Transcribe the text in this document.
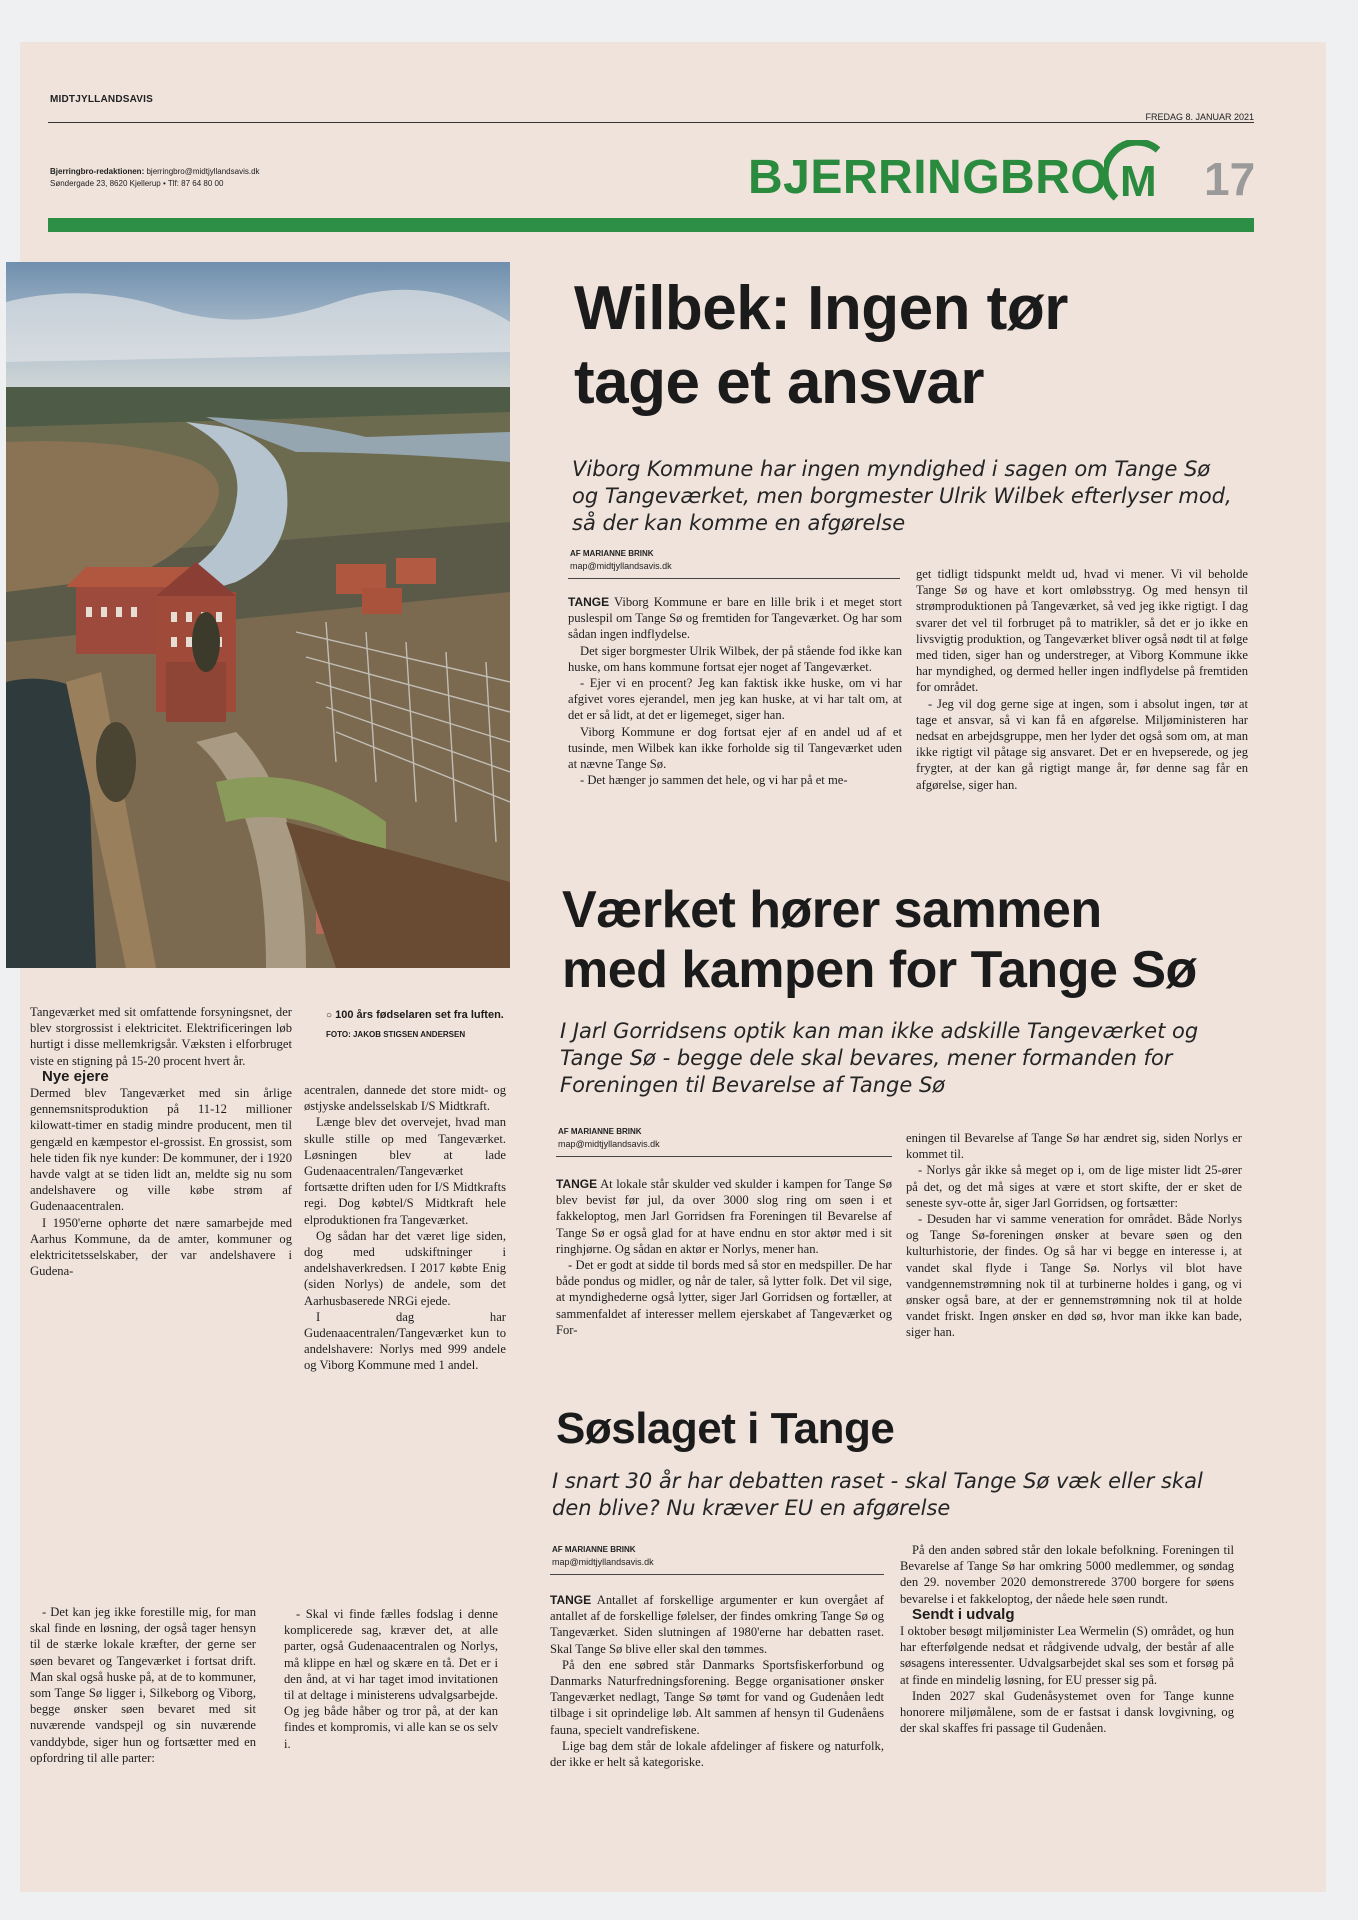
MIDTJYLLANDSAVIS
FREDAG 8. JANUAR 2021
Bjerringbro-redaktionen: bjerringbro@midtjyllandsavis.dk
Søndergade 23, 8620 Kjellerup • Tlf: 87 64 80 00	BJERRINGBRO M 17
Wilbek: Ingen tør
tage et ansvar
Viborg Kommune har ingen myndighed i sagen om Tange Sø og Tangeværket, men borgmester Ulrik Wilbek efterlyser mod, så der kan komme en afgørelse
AF MARIANNE BRINK
map@midtjyllandsavis.dk

TANGE Viborg Kommune er bare en lille brik i et meget stort puslespil om Tange Sø og fremtiden for Tangeværket. Og har som sådan ingen indflydelse.

Det siger borgmester Ulrik Wilbek, der på stående fod ikke kan huske, om hans kommune fortsat ejer noget af Tangeværket.

- Ejer vi en procent? Jeg kan faktisk ikke huske, om vi har afgivet vores ejerandel, men jeg kan huske, at vi har talt om, at det er så lidt, at det er ligemeget, siger han.

Viborg Kommune er dog fortsat ejer af en andel ud af et tusinde, men Wilbek kan ikke forholde sig til Tangeværket uden at nævne Tange Sø.

- Det hænger jo sammen det hele, og vi har på et me-

get tidligt tidspunkt meldt ud, hvad vi mener. Vi vil beholde Tange Sø og have et kort omløbsstryg. Og med hensyn til strømproduktionen på Tangeværket, så ved jeg ikke rigtigt. I dag svarer det vel til forbruget på to matrikler, så det er jo ikke en livsvigtig produktion, og Tangeværket bliver også nødt til at følge med tiden, siger han og understreger, at Viborg Kommune ikke har myndighed, og dermed heller ingen indflydelse på fremtiden for området.

- Jeg vil dog gerne sige at ingen, som i absolut ingen, tør at tage et ansvar, så vi kan få en afgørelse. Miljøministeren har nedsat en arbejdsgruppe, men her lyder det også som om, at man ikke rigtigt vil påtage sig ansvaret. Det er en hvepserede, og jeg frygter, at der kan gå rigtigt mange år, før denne sag får en afgørelse, siger han.

Værket hører sammen
med kampen for Tange Sø
I Jarl Gorridsens optik kan man ikke adskille Tangeværket og Tange Sø - begge dele skal bevares, mener formanden for Foreningen til Bevarelse af Tange Sø
AF MARIANNE BRINK
map@midtjyllandsavis.dk

TANGE At lokale står skulder ved skulder i kampen for Tange Sø blev bevist før jul, da over 3000 slog ring om søen i et fakkeloptog, men Jarl Gorridsen fra Foreningen til Bevarelse af Tange Sø er også glad for at have endnu en stor aktør med i sit ringhjørne. Og sådan en aktør er Norlys, mener han.

- Det er godt at sidde til bords med så stor en medspiller. De har både pondus og midler, og når de taler, så lytter folk. Det vil sige, at myndighederne også lytter, siger Jarl Gorridsen og fortæller, at sammenfaldet af interesser mellem ejerskabet af Tangeværket og For-

eningen til Bevarelse af Tange Sø har ændret sig, siden Norlys er kommet til.

- Norlys går ikke så meget op i, om de lige mister lidt 25-ører på det, og det må siges at være et stort skifte, der er sket de seneste syv-otte år, siger Jarl Gorridsen, og fortsætter:

- Desuden har vi samme veneration for området. Både Norlys og Tange Sø-foreningen ønsker at bevare søen og den kulturhistorie, der findes. Og så har vi begge en interesse i, at vandet skal flyde i Tange Sø. Norlys vil blot have vandgennemstrømning nok til at turbinerne holdes i gang, og vi ønsker også bare, at der er gennemstrømning nok til at holde vandet friskt. Ingen ønsker en død sø, hvor man ikke kan bade, siger han.

○ 100 års fødselaren set fra luften.
FOTO: JAKOB STIGSEN ANDERSEN

Tangeværket med sit omfattende forsyningsnet, der blev storgrossist i elektricitet. Elektrificeringen løb hurtigt i disse mellemkrigsår. Væksten i elforbruget viste en stigning på 15-20 procent hvert år.

Nye ejere

Dermed blev Tangeværket med sin årlige gennemsnitsproduktion på 11-12 millioner kilowatt-timer en stadig mindre producent, men til gengæld en kæmpestor el-grossist. En grossist, som hele tiden fik nye kunder: De kommuner, der i 1920 havde valgt at se tiden lidt an, meldte sig nu som andelshavere og ville købe strøm af Gudenaacentralen.

I 1950'erne ophørte det nære samarbejde med Aarhus Kommune, da de amter, kommuner og elektricitetsselskaber, der var andelshavere i Gudena-

acentralen, dannede det store midt- og østjyske andelsselskab I/S Midtkraft.

Længe blev det overvejet, hvad man skulle stille op med Tangeværket. Løsningen blev at lade Gudenaacentralen/Tangeværket fortsætte driften uden for I/S Midtkrafts regi. Dog købtel/S Midtkraft hele elproduktionen fra Tangeværket.

Og sådan har det været lige siden, dog med udskiftninger i andelshaverkredsen. I 2017 købte Enig (siden Norlys) de andele, som det Aarhusbaserede NRGi ejede.

I dag har Gudenaacentralen/Tangeværket kun to andelshavere: Norlys med 999 andele og Viborg Kommune med 1 andel.

Søslaget i Tange
I snart 30 år har debatten raset - skal Tange Sø væk eller skal den blive? Nu kræver EU en afgørelse
AF MARIANNE BRINK
map@midtjyllandsavis.dk

TANGE Antallet af forskellige argumenter er kun overgået af antallet af de forskellige følelser, der findes omkring Tange Sø og Tangeværket. Siden slutningen af 1980'erne har debatten raset. Skal Tange Sø blive eller skal den tømmes.

På den ene søbred står Danmarks Sportsfiskerforbund og Danmarks Naturfredningsforening. Begge organisationer ønsker Tangeværket nedlagt, Tange Sø tømt for vand og Gudenåen ledt tilbage i sit oprindelige løb. Alt sammen af hensyn til Gudenåens fauna, specielt vandrefiskene.

Lige bag dem står de lokale afdelinger af fiskere og naturfolk, der ikke er helt så kategoriske.

På den anden søbred står den lokale befolkning. Foreningen til Bevarelse af Tange Sø har omkring 5000 medlemmer, og søndag den 29. november 2020 demonstrerede 3700 borgere for søens bevarelse i et fakkeloptog, der nåede hele søen rundt.

Sendt i udvalg

I oktober besøgt miljøminister Lea Wermelin (S) området, og hun har efterfølgende nedsat et rådgivende udvalg, der består af alle søsagens interessenter. Udvalgsarbejdet skal ses som et forsøg på at finde en mindelig løsning, for EU presser sig på.

Inden 2027 skal Gudenåsystemet oven for Tange kunne honorere miljømålene, som de er fastsat i dansk lovgivning, og der skal skaffes fri passage til Gudenåen.

- Det kan jeg ikke forestille mig, for man skal finde en løsning, der også tager hensyn til de stærke lokale kræfter, der gerne ser søen bevaret og Tangeværket i fortsat drift. Man skal også huske på, at de to kommuner, som Tange Sø ligger i, Silkeborg og Viborg, begge ønsker søen bevaret med sit nuværende vandspejl og sin nuværende vanddybde, siger hun og fortsætter med en opfordring til alle parter:

- Skal vi finde fælles fodslag i denne komplicerede sag, kræver det, at alle parter, også Gudenaacentralen og Norlys, må klippe en hæl og skære en tå. Det er i den ånd, at vi har taget imod invitationen til at deltage i ministerens udvalgsarbejde. Og jeg både håber og tror på, at der kan findes et kompromis, vi alle kan se os selv i.
